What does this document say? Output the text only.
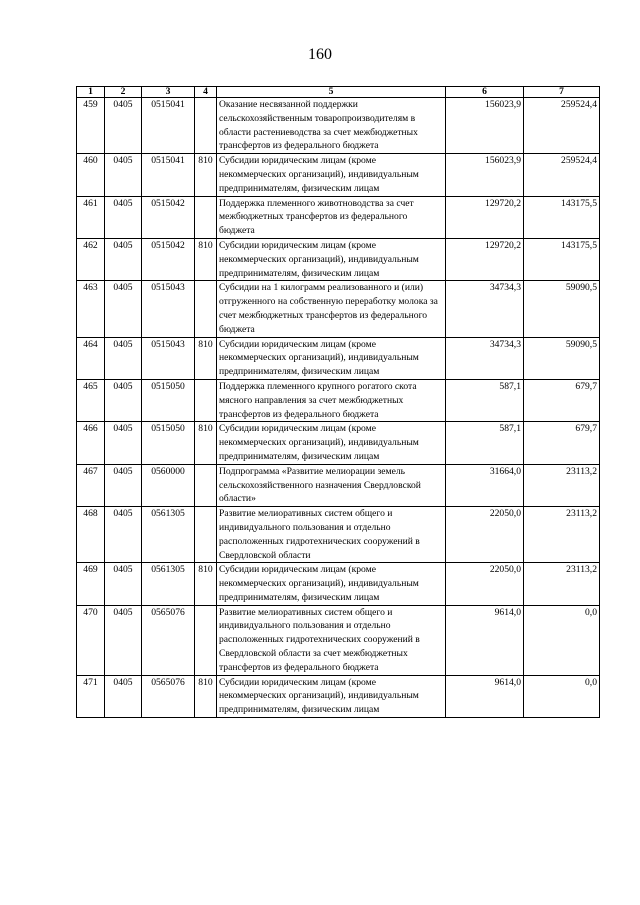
160
1	2	3	4	5	6	7
459	0405	0515041		Оказание несвязанной поддержки сельскохозяйственным товаропроизводителям в области растениеводства за счет межбюджетных трансфертов из федерального бюджета	156023,9	259524,4
460	0405	0515041	810	Субсидии юридическим лицам (кроме некоммерческих организаций), индивидуальным предпринимателям, физическим лицам	156023,9	259524,4
461	0405	0515042		Поддержка племенного животноводства за счет межбюджетных трансфертов из федерального бюджета	129720,2	143175,5
462	0405	0515042	810	Субсидии юридическим лицам (кроме некоммерческих организаций), индивидуальным предпринимателям, физическим лицам	129720,2	143175,5
463	0405	0515043		Субсидии на 1 килограмм реализованного и (или) отгруженного на собственную переработку молока за счет межбюджетных трансфертов из федерального бюджета	34734,3	59090,5
464	0405	0515043	810	Субсидии юридическим лицам (кроме некоммерческих организаций), индивидуальным предпринимателям, физическим лицам	34734,3	59090,5
465	0405	0515050		Поддержка племенного крупного рогатого скота мясного направления за счет межбюджетных трансфертов из федерального бюджета	587,1	679,7
466	0405	0515050	810	Субсидии юридическим лицам (кроме некоммерческих организаций), индивидуальным предпринимателям, физическим лицам	587,1	679,7
467	0405	0560000		Подпрограмма «Развитие мелиорации земель сельскохозяйственного назначения Свердловской области»	31664,0	23113,2
468	0405	0561305		Развитие мелиоративных систем общего и индивидуального пользования и отдельно расположенных гидротехнических сооружений в Свердловской области	22050,0	23113,2
469	0405	0561305	810	Субсидии юридическим лицам (кроме некоммерческих организаций), индивидуальным предпринимателям, физическим лицам	22050,0	23113,2
470	0405	0565076		Развитие мелиоративных систем общего и индивидуального пользования и отдельно расположенных гидротехнических сооружений в Свердловской области за счет межбюджетных трансфертов из федерального бюджета	9614,0	0,0
471	0405	0565076	810	Субсидии юридическим лицам (кроме некоммерческих организаций), индивидуальным предпринимателям, физическим лицам	9614,0	0,0
